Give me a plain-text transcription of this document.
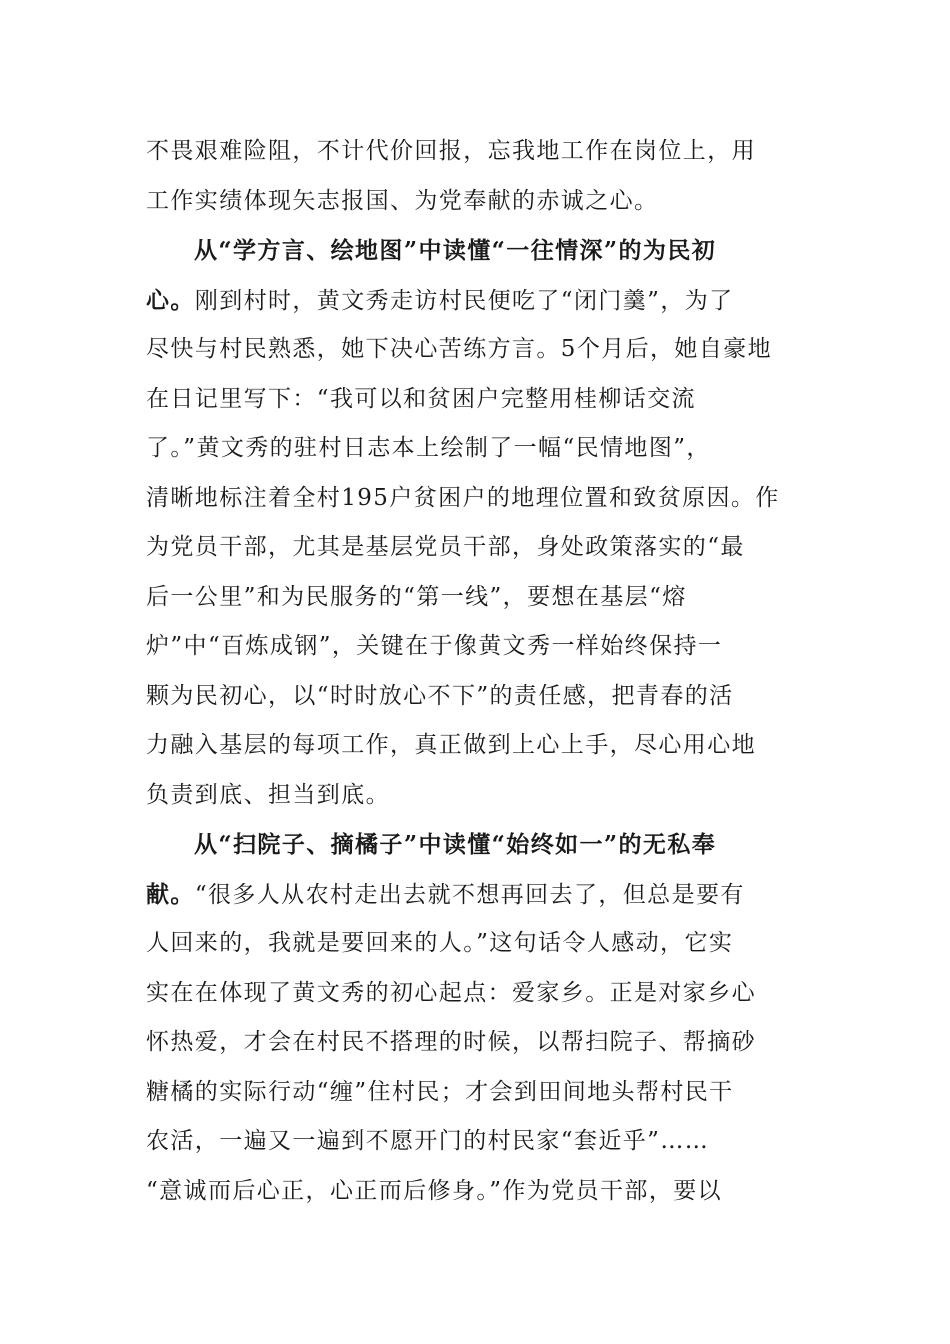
不畏艰难险阻，不计代价回报，忘我地工作在岗位上，用
工作实绩体现矢志报国、为党奉献的赤诚之心。
从“学方言、绘地图”中读懂“一往情深”的为民初
心。刚到村时，黄文秀走访村民便吃了“闭门羹”，为了
尽快与村民熟悉，她下决心苦练方言。5个月后，她自豪地
在日记里写下：“我可以和贫困户完整用桂柳话交流
了。”黄文秀的驻村日志本上绘制了一幅“民情地图”，
清晰地标注着全村195户贫困户的地理位置和致贫原因。作
为党员干部，尤其是基层党员干部，身处政策落实的“最
后一公里”和为民服务的“第一线”，要想在基层“熔
炉”中“百炼成钢”，关键在于像黄文秀一样始终保持一
颗为民初心，以“时时放心不下”的责任感，把青春的活
力融入基层的每项工作，真正做到上心上手，尽心用心地
负责到底、担当到底。
从“扫院子、摘橘子”中读懂“始终如一”的无私奉
献。“很多人从农村走出去就不想再回去了，但总是要有
人回来的，我就是要回来的人。”这句话令人感动，它实
实在在体现了黄文秀的初心起点：爱家乡。正是对家乡心
怀热爱，才会在村民不搭理的时候，以帮扫院子、帮摘砂
糖橘的实际行动“缠”住村民；才会到田间地头帮村民干
农活，一遍又一遍到不愿开门的村民家“套近乎”……
“意诚而后心正，心正而后修身。”作为党员干部，要以
